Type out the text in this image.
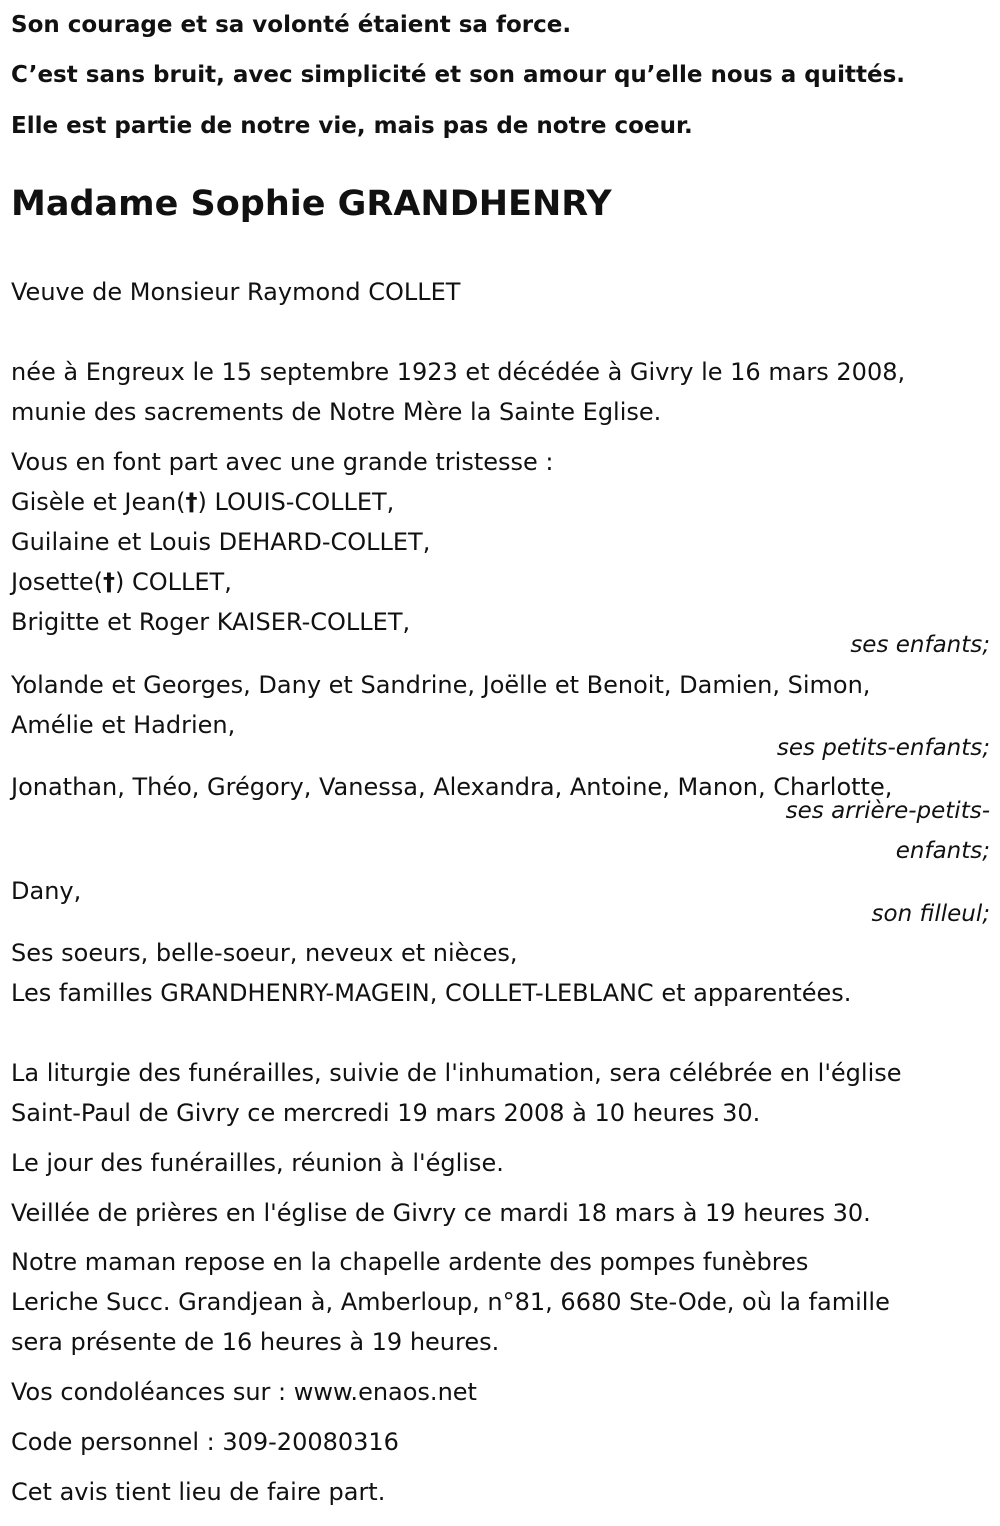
Son courage et sa volonté étaient sa force.
C’est sans bruit, avec simplicité et son amour qu’elle nous a quittés.
Elle est partie de notre vie, mais pas de notre coeur.
Madame Sophie GRANDHENRY
Veuve de Monsieur Raymond COLLET
née à Engreux le 15 septembre 1923 et décédée à Givry le 16 mars 2008,
munie des sacrements de Notre Mère la Sainte Eglise.
Vous en font part avec une grande tristesse :
Gisèle et Jean(†) LOUIS-COLLET,
Guilaine et Louis DEHARD-COLLET,
Josette(†) COLLET,
Brigitte et Roger KAISER-COLLET,
ses enfants;
Yolande et Georges, Dany et Sandrine, Joëlle et Benoit, Damien, Simon,
Amélie et Hadrien,
ses petits-enfants;
Jonathan, Théo, Grégory, Vanessa, Alexandra, Antoine, Manon, Charlotte,
ses arrière-petits-
enfants;
Dany,
son filleul;
Ses soeurs, belle-soeur, neveux et nièces,
Les familles GRANDHENRY-MAGEIN, COLLET-LEBLANC et apparentées.
La liturgie des funérailles, suivie de l'inhumation, sera célébrée en l'église
Saint-Paul de Givry ce mercredi 19 mars 2008 à 10 heures 30.
Le jour des funérailles, réunion à l'église.
Veillée de prières en l'église de Givry ce mardi 18 mars à 19 heures 30.
Notre maman repose en la chapelle ardente des pompes funèbres
Leriche Succ. Grandjean à, Amberloup, n°81, 6680 Ste-Ode, où la famille
sera présente de 16 heures à 19 heures.
Vos condoléances sur : www.enaos.net
Code personnel : 309-20080316
Cet avis tient lieu de faire part.
